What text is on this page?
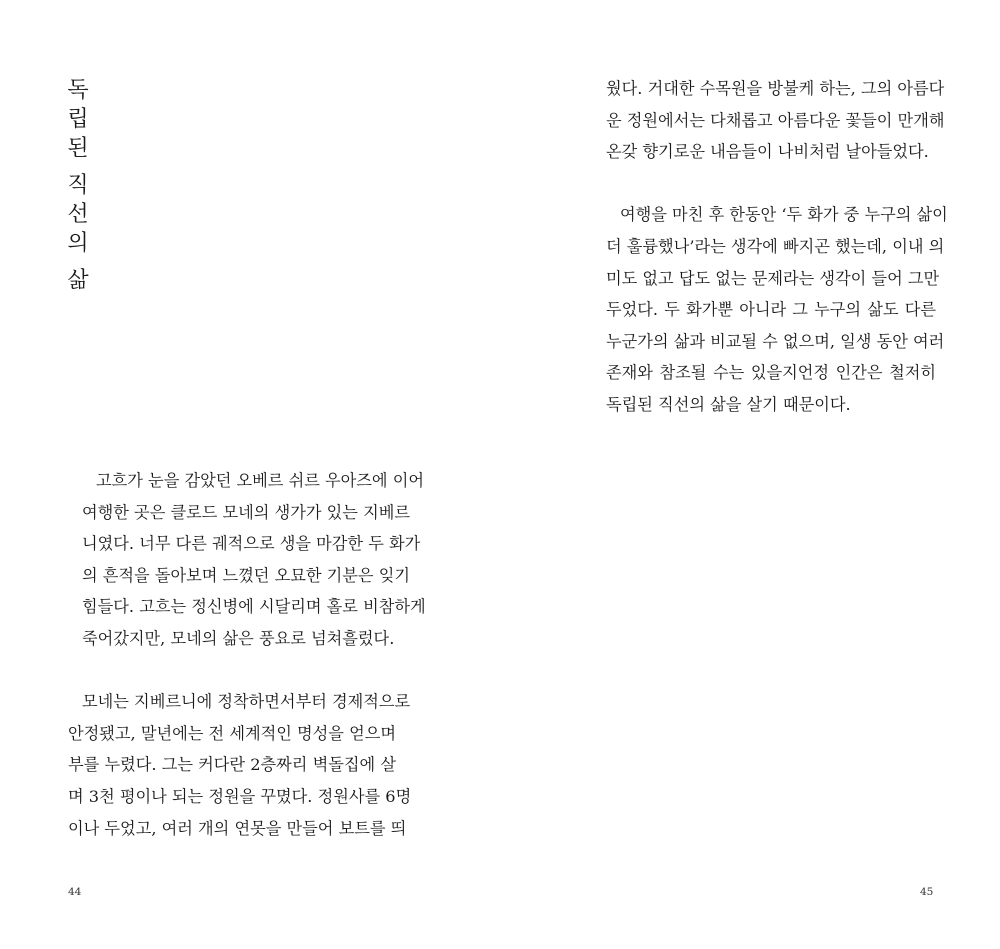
독
립
된
직
선
의
삶

고흐가 눈을 감았던 오베르 쉬르 우아즈에 이어
여행한 곳은 클로드 모네의 생가가 있는 지베르
니였다. 너무 다른 궤적으로 생을 마감한 두 화가
의 흔적을 돌아보며 느꼈던 오묘한 기분은 잊기
힘들다. 고흐는 정신병에 시달리며 홀로 비참하게
죽어갔지만, 모네의 삶은 풍요로 넘쳐흘렀다.

모네는 지베르니에 정착하면서부터 경제적으로
안정됐고, 말년에는 전 세계적인 명성을 얻으며
부를 누렸다. 그는 커다란 2층짜리 벽돌집에 살
며 3천 평이나 되는 정원을 꾸몄다. 정원사를 6명
이나 두었고, 여러 개의 연못을 만들어 보트를 띄

44

웠다. 거대한 수목원을 방불케 하는, 그의 아름다
운 정원에서는 다채롭고 아름다운 꽃들이 만개해
온갖 향기로운 내음들이 나비처럼 날아들었다.

여행을 마친 후 한동안 ‘두 화가 중 누구의 삶이
더 훌륭했나’라는 생각에 빠지곤 했는데, 이내 의
미도 없고 답도 없는 문제라는 생각이 들어 그만
두었다. 두 화가뿐 아니라 그 누구의 삶도 다른
누군가의 삶과 비교될 수 없으며, 일생 동안 여러
존재와 참조될 수는 있을지언정 인간은 철저히
독립된 직선의 삶을 살기 때문이다.

45
